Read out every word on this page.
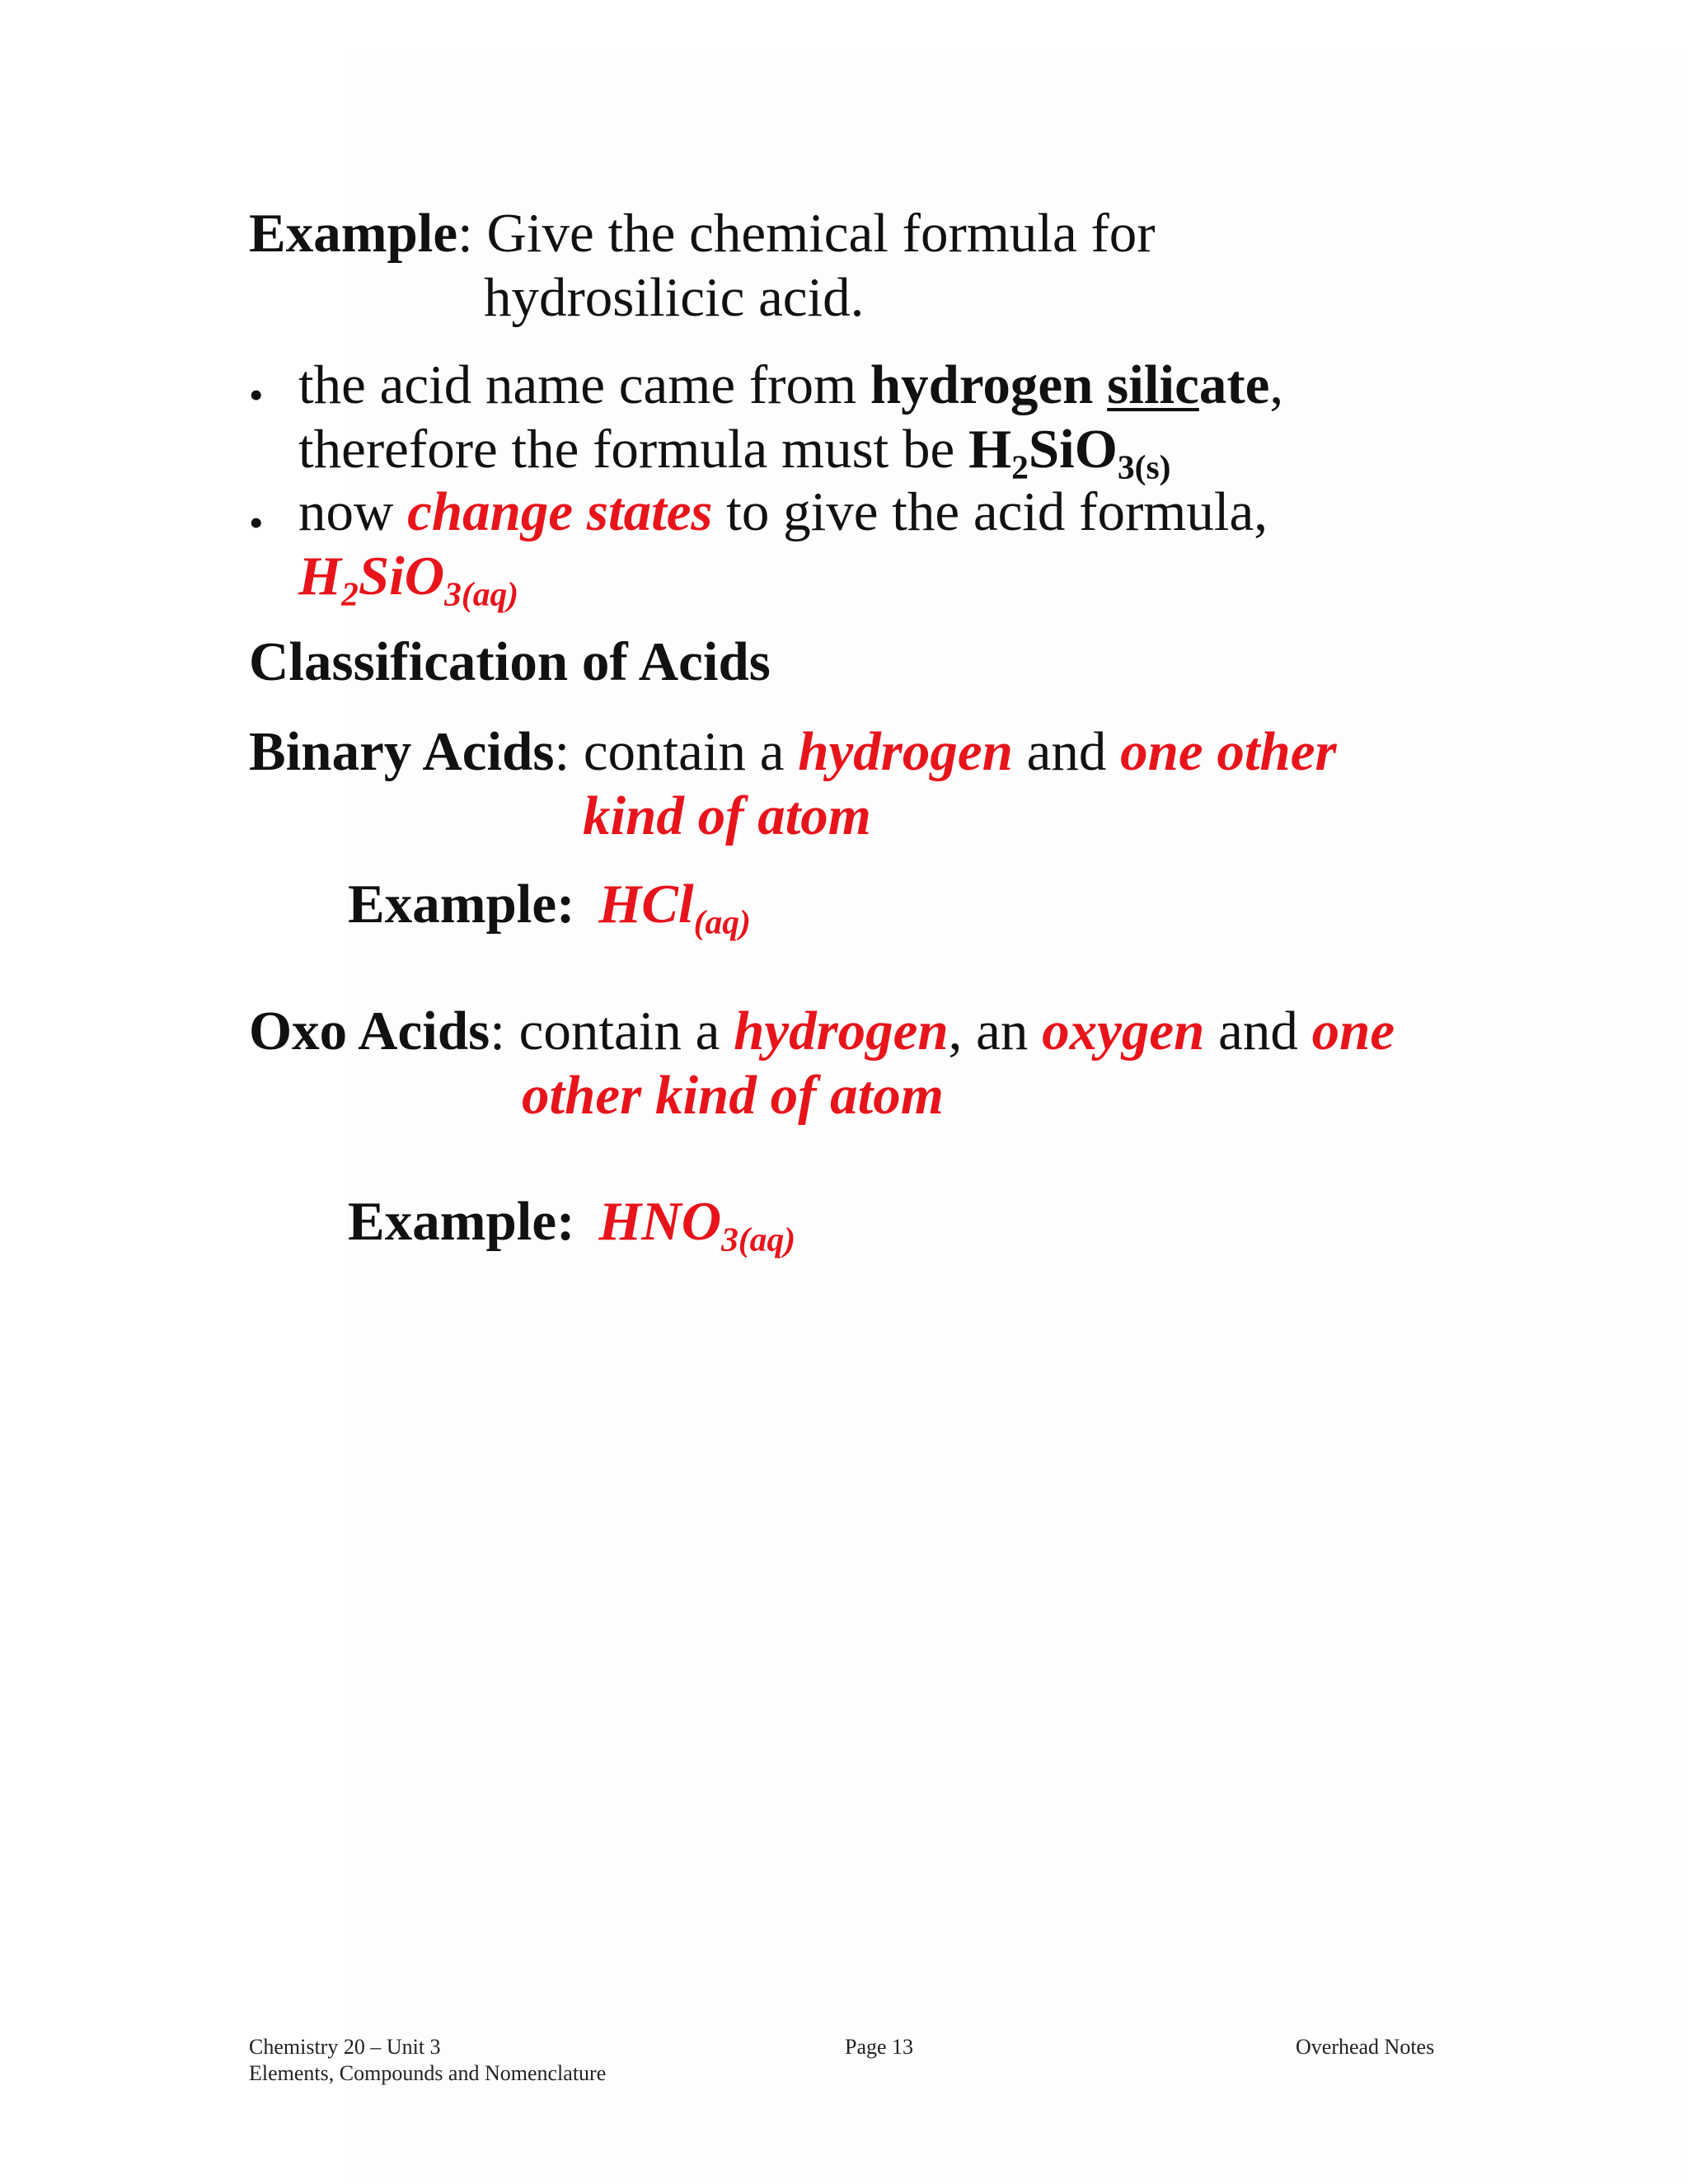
Example: Give the chemical formula for
hydrosilicic acid.
• the acid name came from hydrogen silicate,
therefore the formula must be $H_2SiO_{3(s)}$
• now change states to give the acid formula,
$H_2SiO_{3(aq)}$
Classification of Acids
Binary Acids: contain a hydrogen and one other
kind of atom
Example: HCl$_{(aq)}$
Oxo Acids: contain a hydrogen, an oxygen and one
other kind of atom
Example: $HNO_{3(aq)}$
Chemistry 20 – Unit 3
Elements, Compounds and Nomenclature
Page 13	Overhead Notes
